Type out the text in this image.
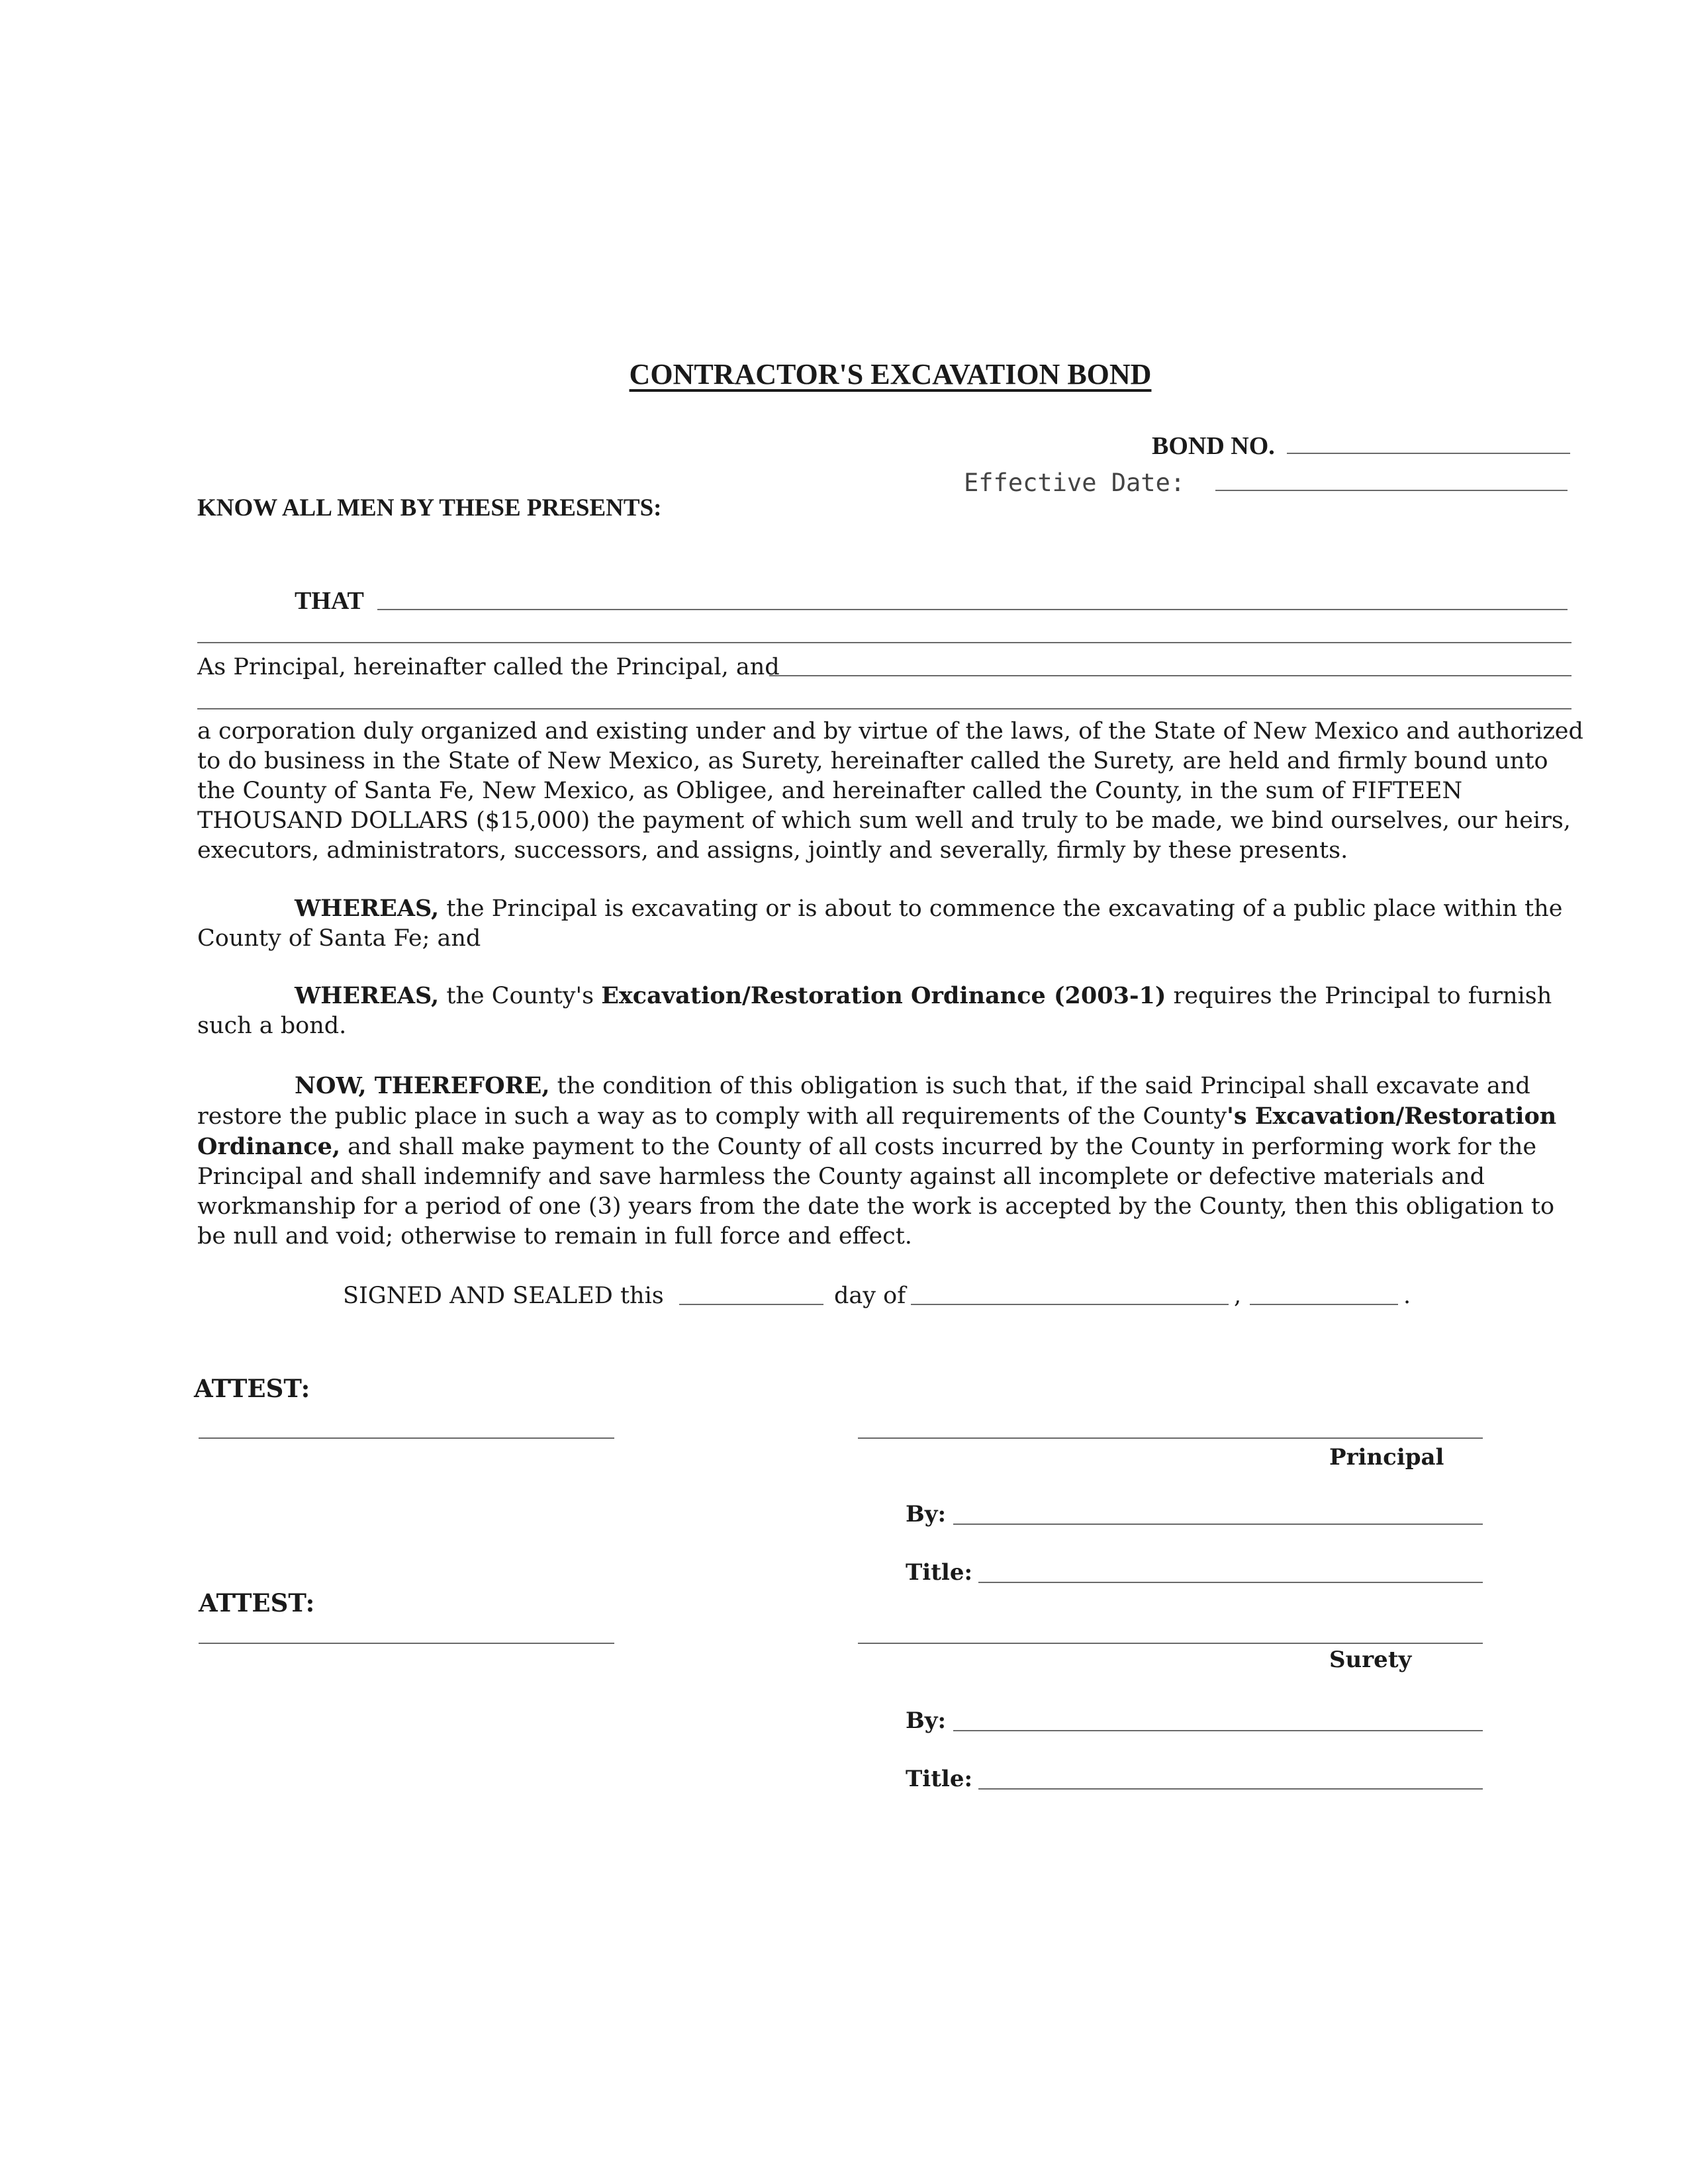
CONTRACTOR'S EXCAVATION BOND
BOND NO.
Effective Date:
KNOW ALL MEN BY THESE PRESENTS:
THAT
As Principal, hereinafter called the Principal, and

a corporation duly organized and existing under and by virtue of the laws, of the State of New Mexico and authorized to do business in the State of New Mexico, as Surety, hereinafter called the Surety, are held and firmly bound unto the County of Santa Fe, New Mexico, as Obligee, and hereinafter called the County, in the sum of FIFTEEN THOUSAND DOLLARS ($15,000) the payment of which sum well and truly to be made, we bind ourselves, our heirs, executors, administrators, successors, and assigns, jointly and severally, firmly by these presents.

WHEREAS, the Principal is excavating or is about to commence the excavating of a public place within the County of Santa Fe; and

WHEREAS, the County's Excavation/Restoration Ordinance (2003-1) requires the Principal to furnish such a bond.

NOW, THEREFORE, the condition of this obligation is such that, if the said Principal shall excavate and restore the public place in such a way as to comply with all requirements of the County's Excavation/Restoration Ordinance, and shall make payment to the County of all costs incurred by the County in performing work for the Principal and shall indemnify and save harmless the County against all incomplete or defective materials and workmanship for a period of one (3) years from the date the work is accepted by the County, then this obligation to be null and void; otherwise to remain in full force and effect.

SIGNED AND SEALED this	day of	,	.
ATTEST:
Principal
By:
Title:
ATTEST:
Surety
By:
Title:
